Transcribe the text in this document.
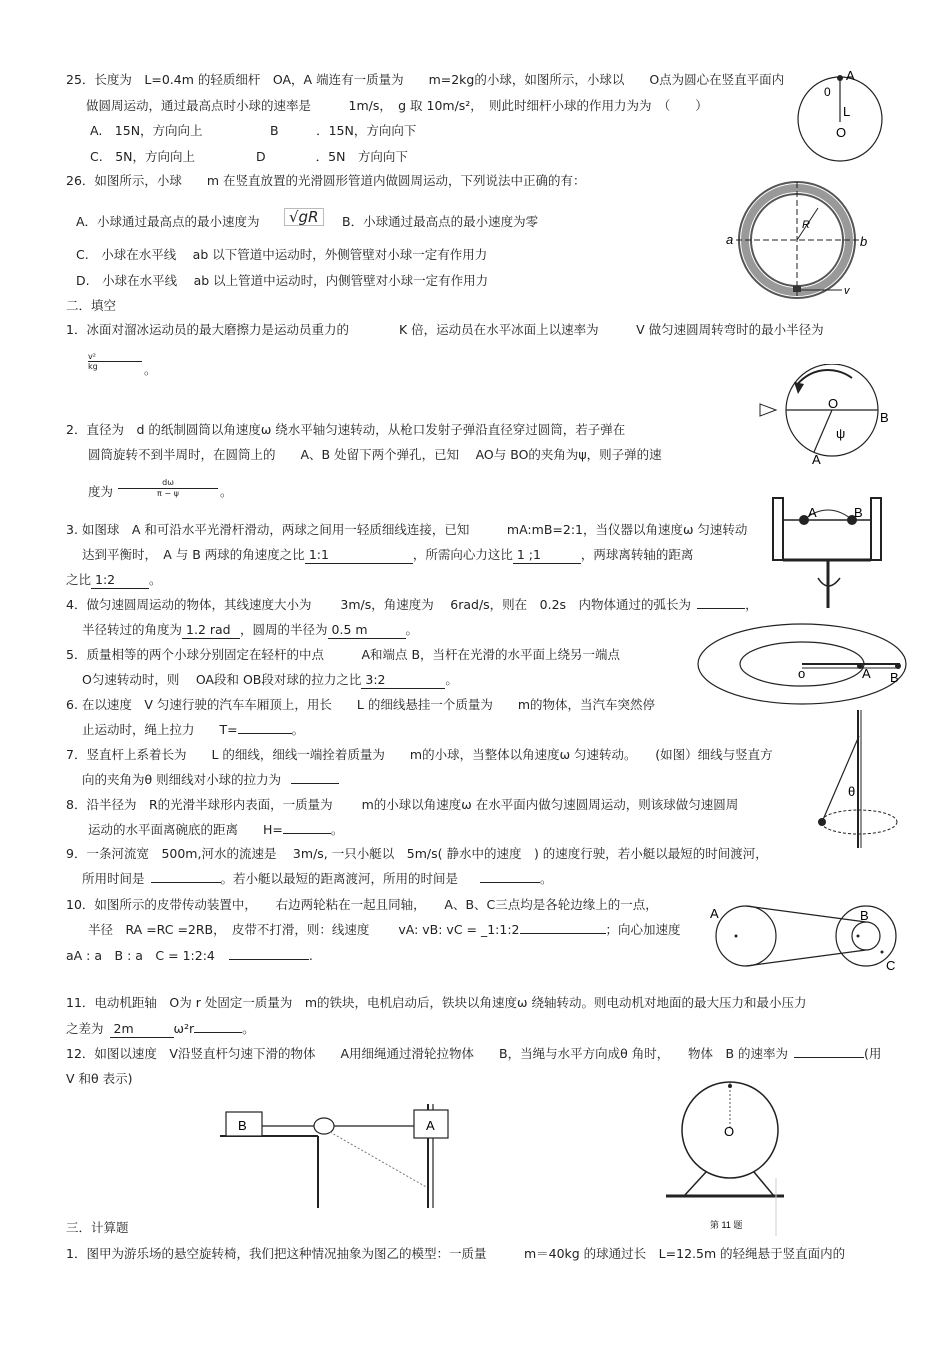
25．长度为　L=0.4m 的轻质细杆　OA，A 端连有一质量为　　m=2kg的小球，如图所示，小球以　　O点为圆心在竖直平面内
做圆周运动，通过最高点时小球的速率是　　　1m/s，　g 取 10m/s²，　则此时细杆小球的作用力为为　（　　）
A.　15N，方向向上	B　　　．15N，方向向下
C.　5N，方向向上	D　　　　．5N　方向向下
A
0
L
O
26．如图所示，小球　　m 在竖直放置的光滑圆形管道内做圆周运动，下列说法中正确的有：
A．小球通过最高点的最小速度为	√gR	B．小球通过最高点的最小速度为零
C.　小球在水平线　 ab 以下管道中运动时，外侧管壁对小球一定有作用力
D.　小球在水平线　 ab 以上管道中运动时，内侧管壁对小球一定有作用力
a	b
R
v
二．填空
1．冰面对溜冰运动员的最大磨擦力是运动员重力的　　　　K 倍，运动员在水平冰面上以速率为　　　V 做匀速圆周转弯时的最小半径为
$\frac{\text{v²}}{kg}$ 。
2．直径为　d 的纸制圆筒以角速度ω 绕水平轴匀速转动，从枪口发射子弹沿直径穿过圆筒，若子弹在
圆筒旋转不到半周时，在圆筒上的　　A、B 处留下两个弹孔，已知　 AO与 BO的夹角为ψ，则子弹的速
度为 $\frac{d\omega}{\pi - \psi}$ 。
O
B
A
ψ
3. 如图球　A 和可沿水平光滑杆滑动，两球之间用一轻质细线连接，已知　　　mA:mB=2:1，当仪器以角速度ω 匀速转动
达到平衡时，　A 与 B 两球的角速度之比 1:1	，所需向心力这比 1 ;1	，两球离转轴的距离
之比 1:2	。
A	B
4．做匀速圆周运动的物体，其线速度大小为　　 3m/s，角速度为　 6rad/s，则在　0.2s　内物体通过的弧长为	，
半径转过的角度为 1.2 rad ，圆周的半径为 0.5 m	。
5．质量相等的两个小球分别固定在轻杆的中点　　　A和端点 B，当杆在光滑的水平面上绕另一端点
O匀速转动时，则　 OA段和 OB段对球的拉力之比 3:2	。	o	A B
6. 在以速度　V 匀速行驶的汽车车厢顶上，用长　　L 的细线悬挂一个质量为　　m的物体，当汽车突然停
止运动时，绳上拉力　　T=	。
7．竖直杆上系着长为　　L 的细线，细线一端拴着质量为　　m的小球，当整体以角速度ω 匀速转动。　　(如图）细线与竖直方
向的夹角为θ 则细线对小球的拉力为
θ
8．沿半径为　R的光滑半球形内表面，一质量为　　 m的小球以角速度ω 在水平面内做匀速圆周运动，则该球做匀速圆周
运动的水平面离碗底的距离　　H=	。
9．一条河流宽　500m,河水的流速是　 3m/s, 一只小艇以　5m/s( 静水中的速度　) 的速度行驶，若小艇以最短的时间渡河，
所用时间是	。若小艇以最短的距离渡河，所用的时间是	。
10．如图所示的皮带传动装置中，　　右边两轮粘在一起且同轴，　　A、B、C三点均是各轮边缘上的一点，
半径　RA =RC =2RB，　皮带不打滑，则：线速度　　 vA: vB: vC = _1:1:2	；向心加速度
aA : a　B : a　C = 1:2:4	.
A	B
C
11．电动机距轴　O为 r 处固定一质量为　m的铁块，电机启动后，铁块以角速度ω 绕轴转动。则电动机对地面的最大压力和最小压力
之差为 2m	ω²r	。
12．如图以速度　V沿竖直杆匀速下滑的物体　　A用细绳通过滑轮拉物体　　B，当绳与水平方向成θ 角时，　　物体　B 的速率为	(用
V 和θ 表示)
B	A	O
第 11 题
三．计算题
1．图甲为游乐场的悬空旋转椅，我们把这种情况抽象为图乙的模型：一质量　　　m＝40kg 的球通过长　L=12.5m 的轻绳悬于竖直面内的
